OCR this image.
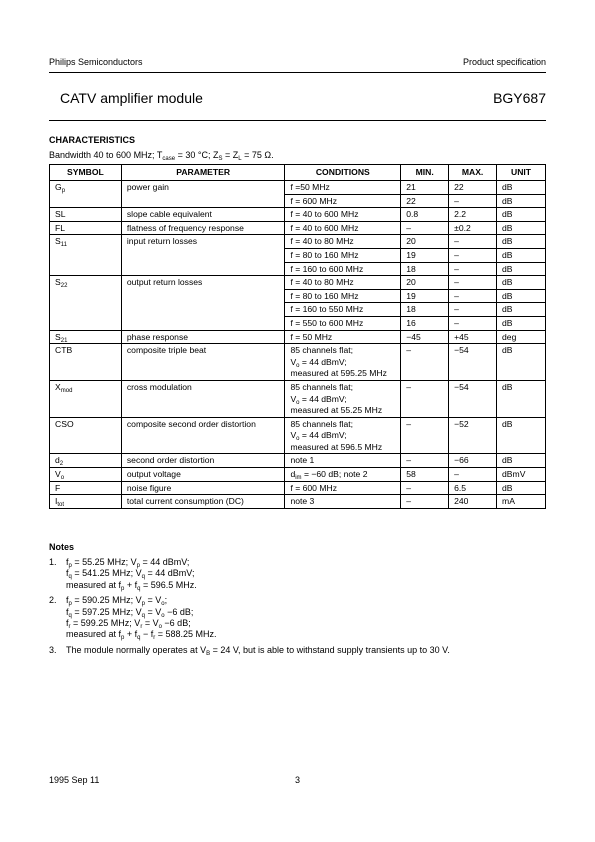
Philips Semiconductors	Product specification
CATV amplifier module	BGY687
CHARACTERISTICS
Bandwidth 40 to 600 MHz; $T_{case} = 30$ °C; $Z_S = Z_L = 75$ Ω.
SYMBOL	PARAMETER	CONDITIONS	MIN.	MAX.	UNIT
$G_p$	power gain	f =50 MHz	21	22	dB
		f = 600 MHz	22	–	dB
SL	slope cable equivalent	f = 40 to 600 MHz	0.8	2.2	dB
FL	flatness of frequency response	f = 40 to 600 MHz	–	±0.2	dB
$S_{11}$	input return losses	f = 40 to 80 MHz	20	–	dB
		f = 80 to 160 MHz	19	–	dB
		f = 160 to 600 MHz	18	–	dB
$S_{22}$	output return losses	f = 40 to 80 MHz	20	–	dB
		f = 80 to 160 MHz	19	–	dB
		f = 160 to 550 MHz	18	–	dB
		f = 550 to 600 MHz	16	–	dB
$S_{21}$	phase response	f = 50 MHz	−45	+45	deg
CTB	composite triple beat	85 channels flat;
$V_o = 44$ dBmV;
measured at 595.25 MHz	–	−54	dB
$X_{mod}$	cross modulation	85 channels flat;
$V_o = 44$ dBmV;
measured at 55.25 MHz	–	−54	dB
CSO	composite second order distortion	85 channels flat;
$V_o = 44$ dBmV;
measured at 596.5 MHz	–	−52	dB
$d_2$	second order distortion	note 1	–	−66	dB
$V_o$	output voltage	$d_{im} = -60$ dB; note 2	58	–	dBmV
F	noise figure	f = 600 MHz	–	6.5	dB
$I_{tot}$	total current consumption (DC)	note 3	–	240	mA
Notes
1. $f_p = 55.25$ MHz; $V_p = 44$ dBmV;
$f_q = 541.25$ MHz; $V_q = 44$ dBmV;
measured at $f_p + f_q = 596.5$ MHz.
2. $f_p = 590.25$ MHz; $V_p = V_o$;
$f_q = 597.25$ MHz; $V_q = V_o -6$ dB;
$f_r = 599.25$ MHz; $V_r = V_o -6$ dB;
measured at $f_p + f_q - f_r = 588.25$ MHz.
3. The module normally operates at $V_B = 24$ V, but is able to withstand supply transients up to 30 V.
1995 Sep 11	3
